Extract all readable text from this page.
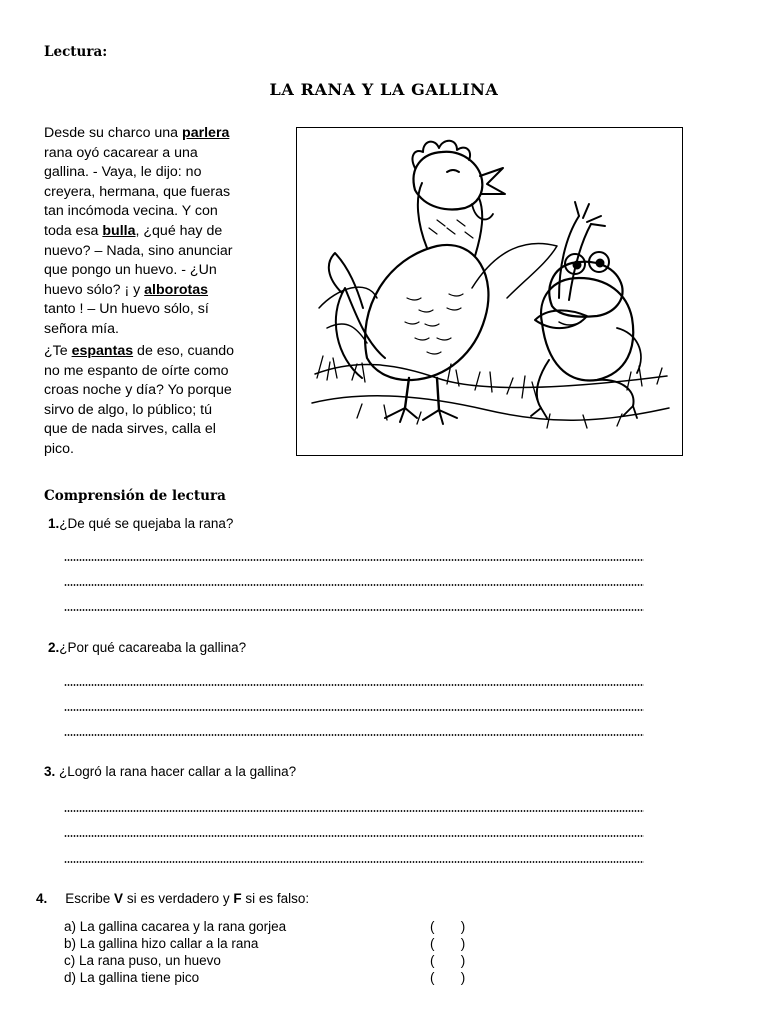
Lectura:
LA RANA Y LA GALLINA
Desde su charco una parlera
rana oyó cacarear a una
gallina. - Vaya, le dijo: no
creyera, hermana, que fueras
tan incómoda vecina. Y con
toda esa bulla, ¿qué hay de
nuevo? – Nada, sino anunciar
que pongo un huevo. - ¿Un
huevo sólo? ¡ y alborotas
tanto ! – Un huevo sólo, sí
señora mía.
¿Te espantas de eso, cuando
no me espanto de oírte como
croas noche y día? Yo porque
sirvo de algo, lo público; tú
que de nada sirves, calla el
pico.
Comprensión de lectura
1.¿De qué se quejaba la rana?
2.¿Por qué cacareaba la gallina?
3. ¿Logró la rana hacer callar a la gallina?
4. Escribe V si es verdadero y F si es falso:
a) La gallina cacarea y la rana gorjea	(       )
b) La gallina hizo callar a la rana	(       )
c) La rana puso, un huevo	(       )
d) La gallina tiene pico	(       )
